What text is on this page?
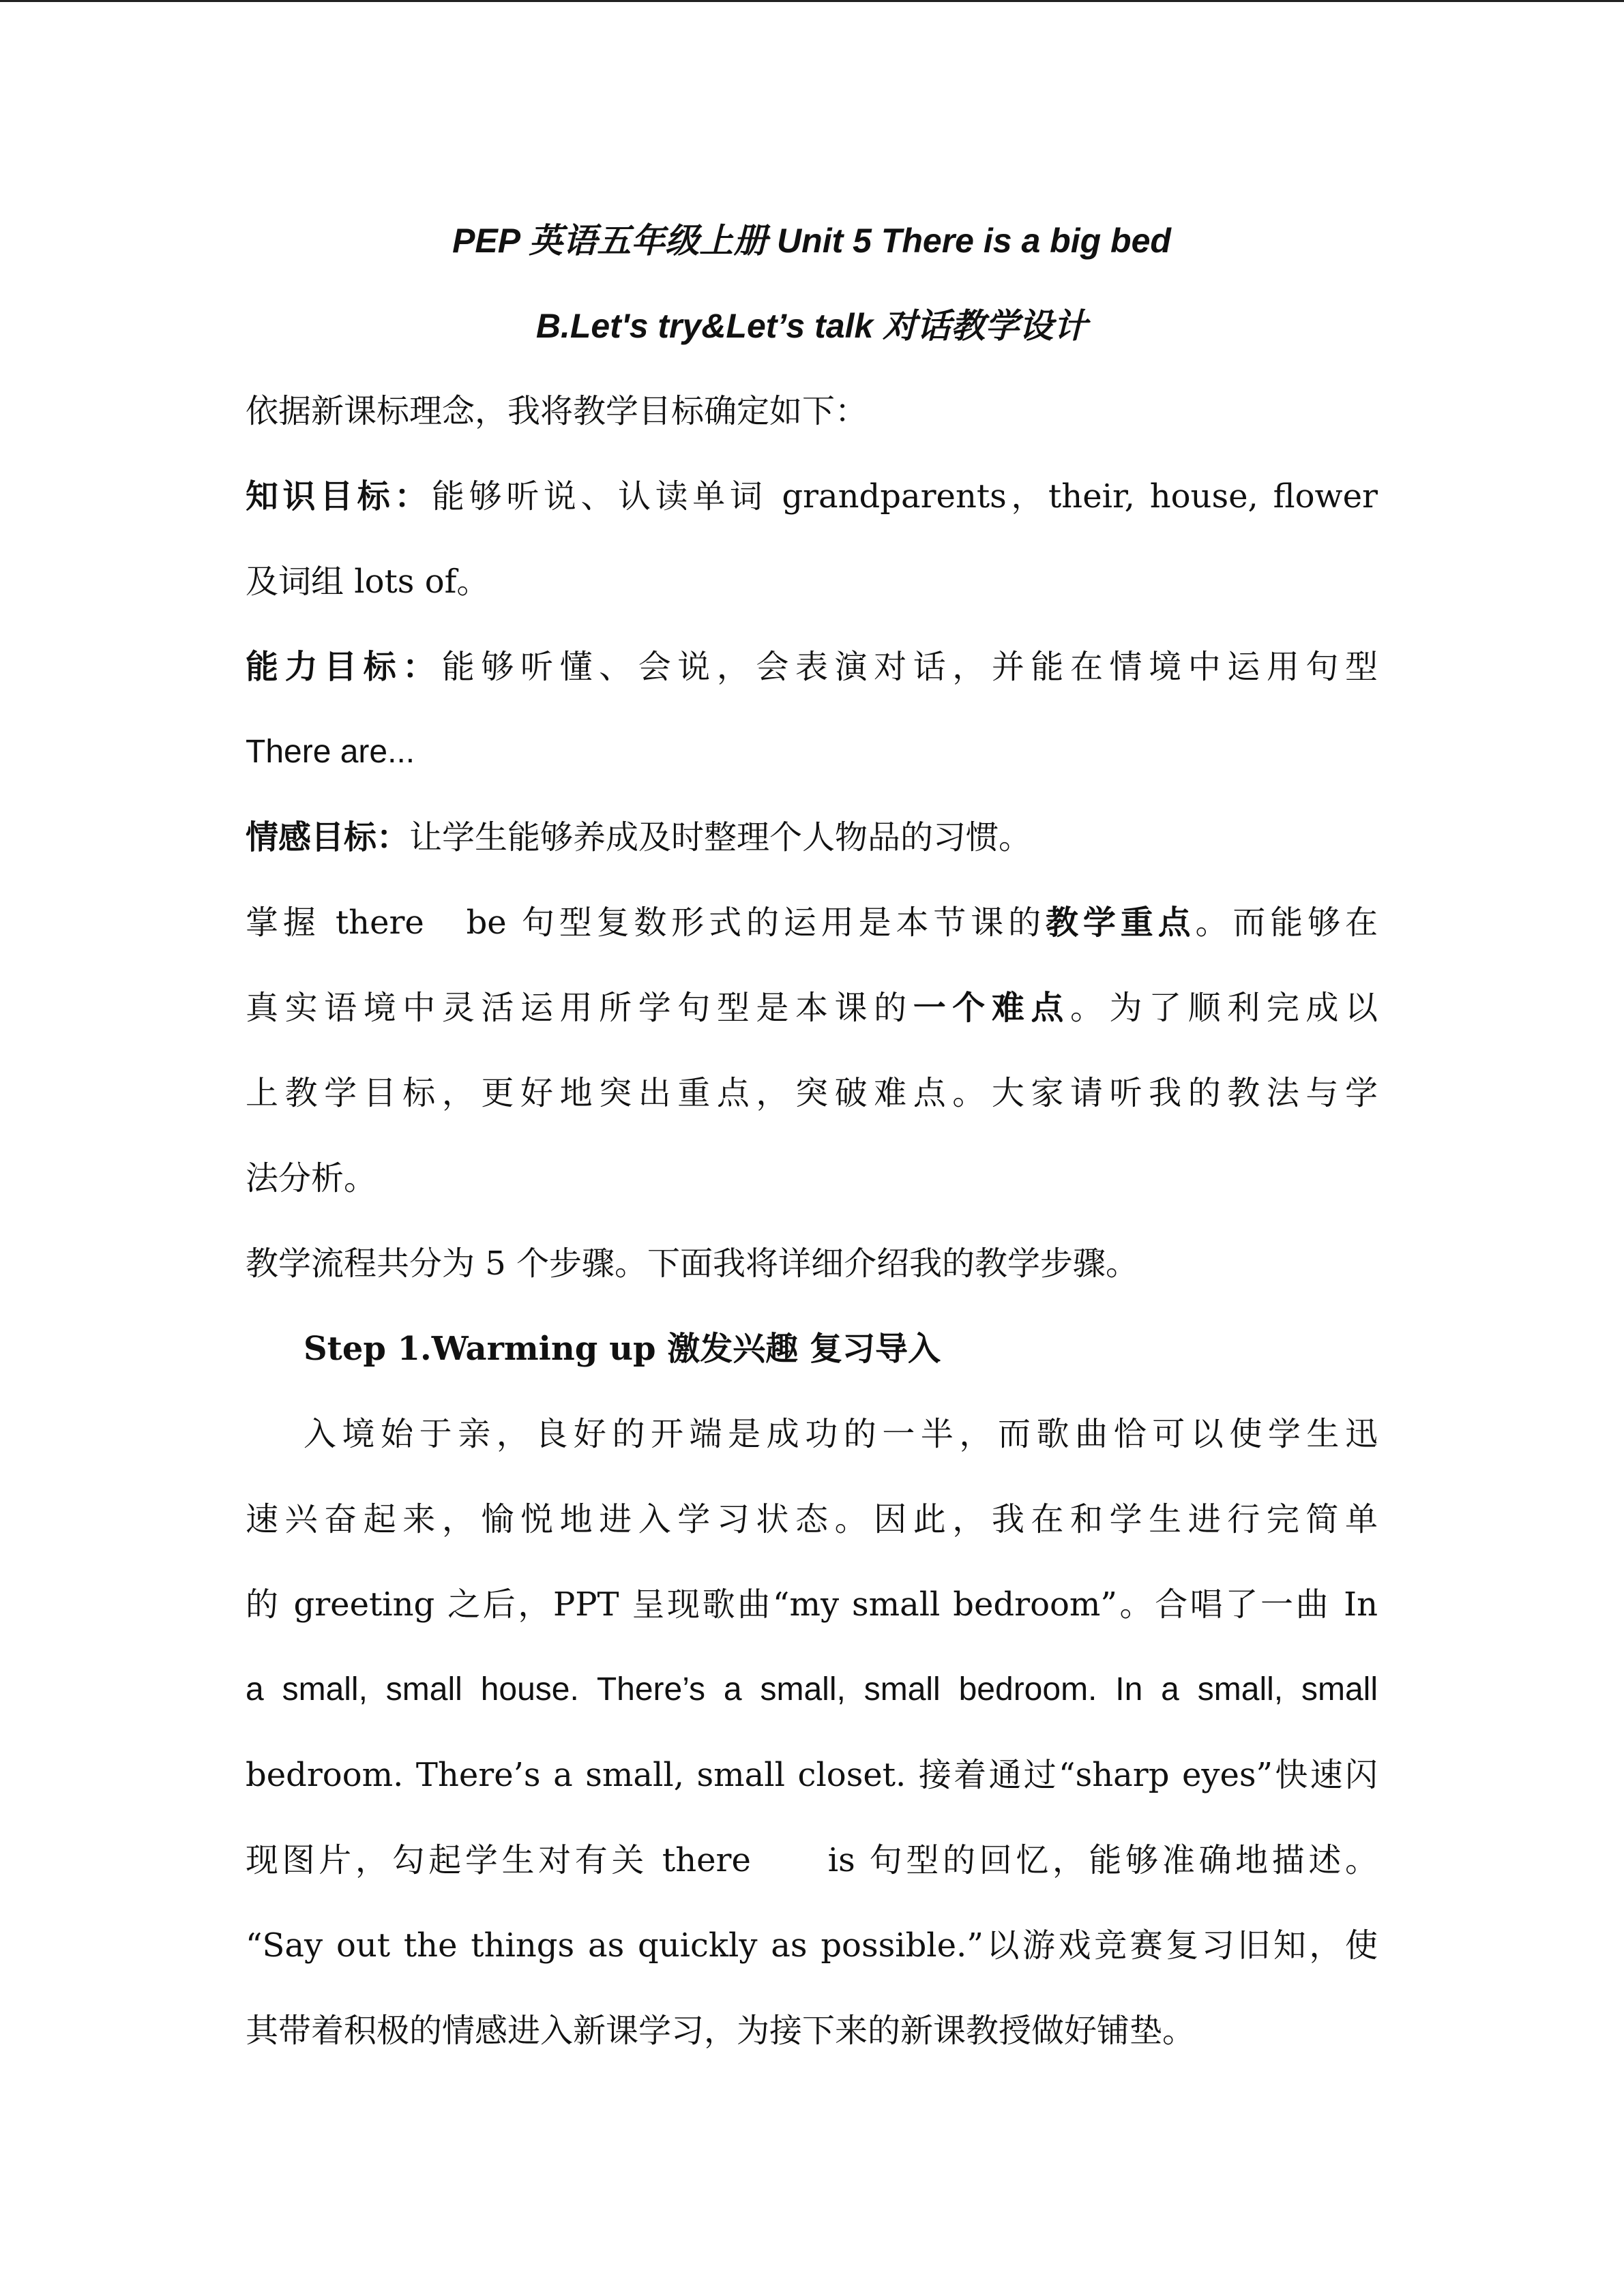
PEP 英语五年级上册 Unit 5 There is a big bed
B.Let's try&Let’s talk 对话教学设计
依据新课标理念，我将教学目标确定如下：
知识目标：能够听说、认读单词 grandparents，their, house, flower
及词组 lots of。
能力目标：能够听懂、会说，会表演对话，并能在情境中运用句型
There are...
情感目标：让学生能够养成及时整理个人物品的习惯。
掌握 there　be 句型复数形式的运用是本节课的教学重点。而能够在
真实语境中灵活运用所学句型是本课的一个难点。为了顺利完成以
上教学目标，更好地突出重点，突破难点。大家请听我的教法与学
法分析。
教学流程共分为 5 个步骤。下面我将详细介绍我的教学步骤。
Step 1.Warming up 激发兴趣 复习导入
入境始于亲，良好的开端是成功的一半，而歌曲恰可以使学生迅
速兴奋起来，愉悦地进入学习状态。因此，我在和学生进行完简单
的 greeting 之后，PPT 呈现歌曲“my small bedroom”。合唱了一曲 In
a small, small house. There’s a small, small bedroom. In a small, small
bedroom. There’s a small, small closet. 接着通过“sharp eyes”快速闪
现图片，勾起学生对有关 there　　is 句型的回忆，能够准确地描述。
“Say out the things as quickly as possible.”以游戏竞赛复习旧知，使
其带着积极的情感进入新课学习，为接下来的新课教授做好铺垫。
